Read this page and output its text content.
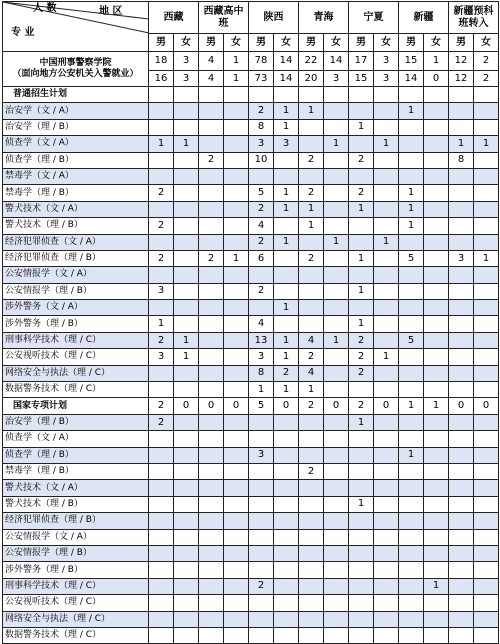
人 数 地 区
专 业	西藏		西藏高中班		陕西		青海		宁夏		新疆		新疆预科班转入	
	男	女	男	女	男	女	男	女	男	女	男	女	男	女

中国刑事警察学院
（面向地方公安机关入警就业）	18	3	4	1	78	14	22	14	17	3	15	1	12	2
	16	3	4	1	73	14	20	3	15	3	14	0	12	2
普通招生计划														
治安学（文 / A）					2	1	1				1			
治安学（理 / B）					8	1			1					
侦查学（文 / A）	1	1			3	3		1		1			1	1
侦查学（理 / B）			2		10		2		2				8	
禁毒学（文 / A）														
禁毒学（理 / B）	2				5	1	2		2		1			
警犬技术（文 / A）					2	1	1		1		1			
警犬技术（理 / B）	2				4		1				1			
经济犯罪侦查（文 / A）					2	1		1		1				
经济犯罪侦查（理 / B）	2		2	1	6		2		1		5		3	1
公安情报学（文 / A）														
公安情报学（理 / B）	3				2				1					
涉外警务（文 / A）						1								
涉外警务（理 / B）	1				4				1					
刑事科学技术（理 / C）	2	1			13	1	4	1	2		5			
公安视听技术（理 / C）	3	1			3	1	2		2	1				
网络安全与执法（理 / C）					8	2	4		2					
数据警务技术（理 / C）					1	1	1							
国家专项计划	2	0	0	0	5	0	2	0	2	0	1	1	0	0
治安学（理 / B）	2								1					
侦查学（文 / A）														
侦查学（理 / B）					3						1			
禁毒学（理 / B）							2							
警犬技术（文 / A）														
警犬技术（理 / B）									1					
经济犯罪侦查（理 / B）														
公安情报学（文 / A）														
公安情报学（理 / B）														
涉外警务（理 / B）														
刑事科学技术（理 / C）					2							1		
公安视听技术（理 / C）														
网络安全与执法（理 / C）														
数据警务技术（理 / C）														
